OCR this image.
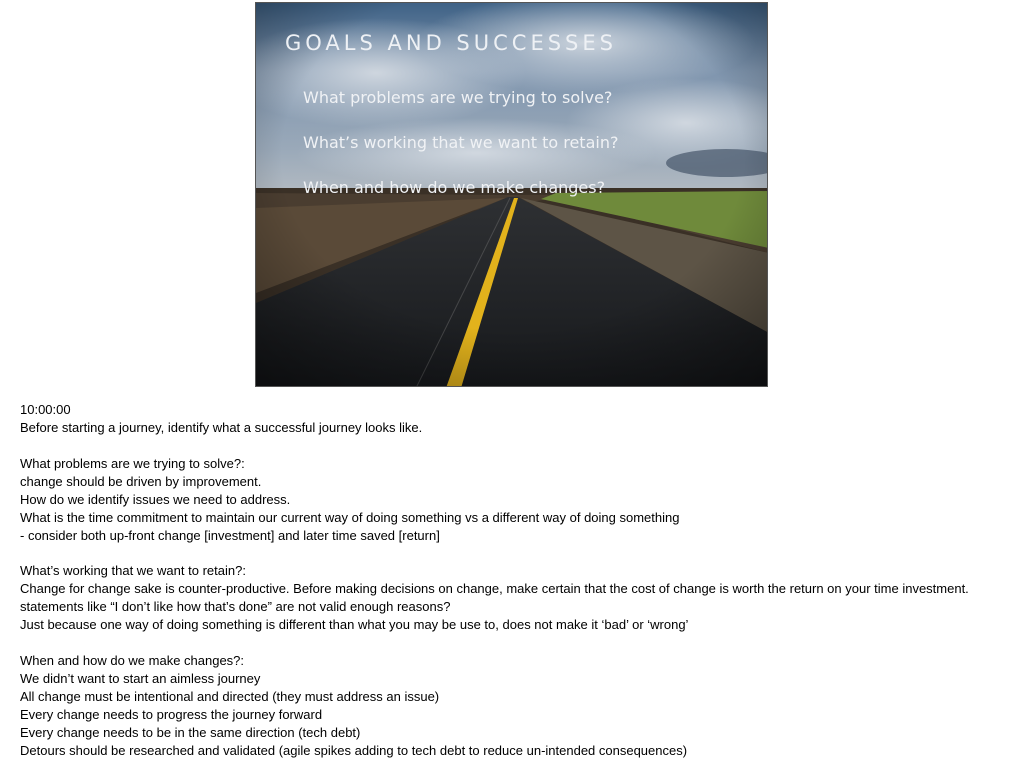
GOALS AND SUCCESSES
What problems are we trying to solve?
What’s working that we want to retain?
When and how do we make changes?

10:00:00

Before starting a journey, identify what a successful journey looks like.

What problems are we trying to solve?:

change should be driven by improvement.

How do we identify issues we need to address.

What is the time commitment to maintain our current way of doing something vs a different way of doing something

- consider both up-front change [investment] and later time saved [return]

What’s working that we want to retain?:

Change for change sake is counter-productive. Before making decisions on change, make certain that the cost of change is worth the return on your time investment.

statements like “I don’t like how that’s done” are not valid enough reasons?

Just because one way of doing something is different than what you may be use to, does not make it ‘bad’ or ‘wrong’

When and how do we make changes?:

We didn’t want to start an aimless journey

All change must be intentional and directed (they must address an issue)

Every change needs to progress the journey forward

Every change needs to be in the same direction (tech debt)

Detours should be researched and validated (agile spikes adding to tech debt to reduce un-intended consequences)
